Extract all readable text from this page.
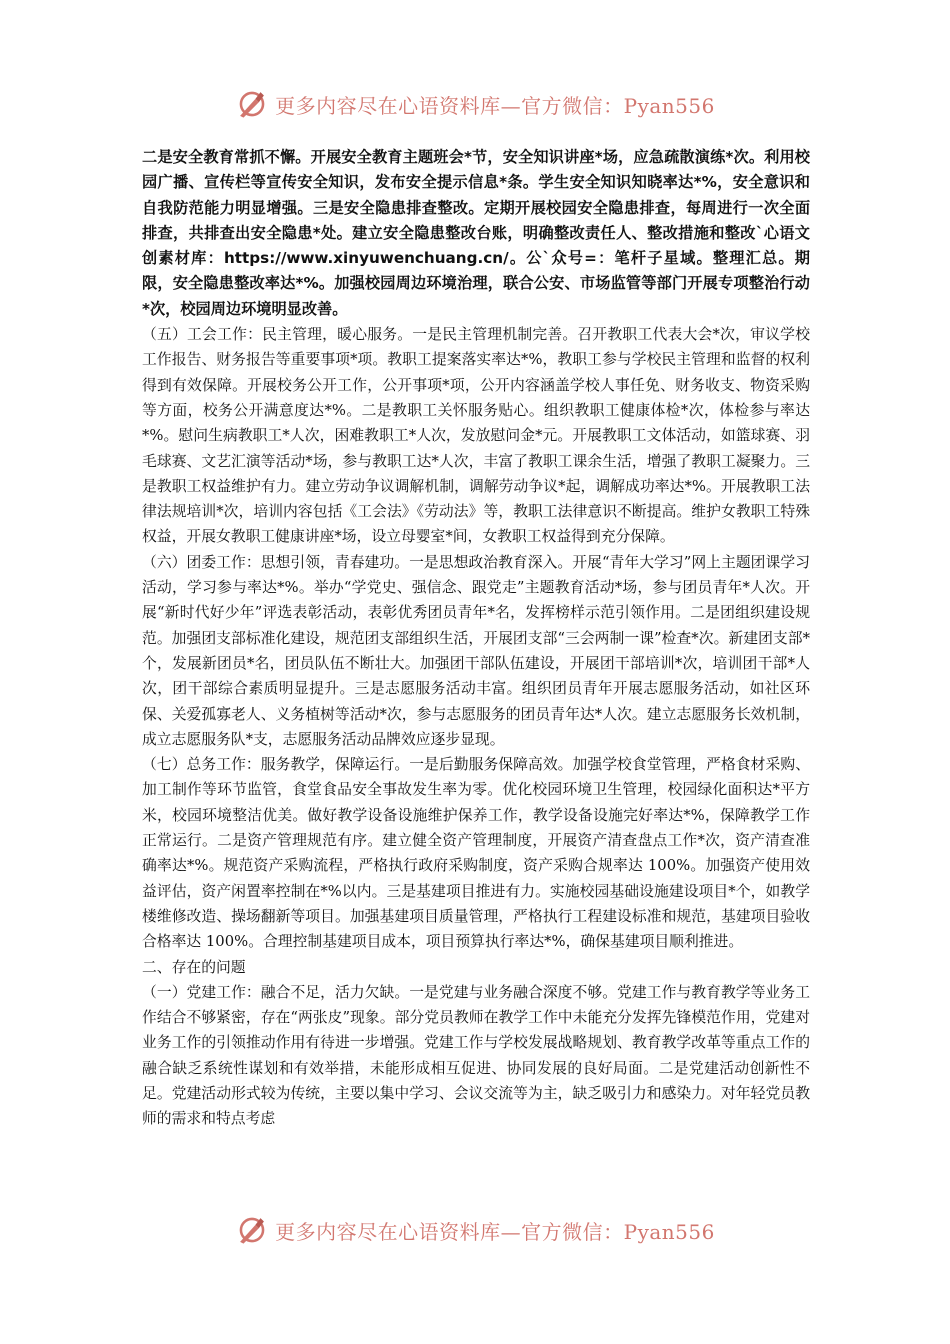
更多内容尽在心语资料库—官方微信：Pyan556

二是安全教育常抓不懈。开展安全教育主题班会*节，安全知识讲座*场，应急疏散演练*次。利用校园广播、宣传栏等宣传安全知识，发布安全提示信息*条。学生安全知识知晓率达*%，安全意识和自我防范能力明显增强。三是安全隐患排查整改。定期开展校园安全隐患排查，每周进行一次全面排查，共排查出安全隐患*处。建立安全隐患整改台账，明确整改责任人、整改措施和整改`心语文创素材库：https://www.xinyuwenchuang.cn/。公`众号=：笔杆子星域。整理汇总。期限，安全隐患整改率达*%。加强校园周边环境治理，联合公安、市场监管等部门开展专项整治行动*次，校园周边环境明显改善。

（五）工会工作：民主管理，暖心服务。一是民主管理机制完善。召开教职工代表大会*次，审议学校工作报告、财务报告等重要事项*项。教职工提案落实率达*%，教职工参与学校民主管理和监督的权利得到有效保障。开展校务公开工作，公开事项*项，公开内容涵盖学校人事任免、财务收支、物资采购等方面，校务公开满意度达*%。二是教职工关怀服务贴心。组织教职工健康体检*次，体检参与率达*%。慰问生病教职工*人次，困难教职工*人次，发放慰问金*元。开展教职工文体活动，如篮球赛、羽毛球赛、文艺汇演等活动*场，参与教职工达*人次，丰富了教职工课余生活，增强了教职工凝聚力。三是教职工权益维护有力。建立劳动争议调解机制，调解劳动争议*起，调解成功率达*%。开展教职工法律法规培训*次，培训内容包括《工会法》《劳动法》等，教职工法律意识不断提高。维护女教职工特殊权益，开展女教职工健康讲座*场，设立母婴室*间，女教职工权益得到充分保障。

（六）团委工作：思想引领，青春建功。一是思想政治教育深入。开展“青年大学习”网上主题团课学习活动，学习参与率达*%。举办“学党史、强信念、跟党走”主题教育活动*场，参与团员青年*人次。开展“新时代好少年”评选表彰活动，表彰优秀团员青年*名，发挥榜样示范引领作用。二是团组织建设规范。加强团支部标准化建设，规范团支部组织生活，开展团支部“三会两制一课”检查*次。新建团支部*个，发展新团员*名，团员队伍不断壮大。加强团干部队伍建设，开展团干部培训*次，培训团干部*人次，团干部综合素质明显提升。三是志愿服务活动丰富。组织团员青年开展志愿服务活动，如社区环保、关爱孤寡老人、义务植树等活动*次，参与志愿服务的团员青年达*人次。建立志愿服务长效机制，成立志愿服务队*支，志愿服务活动品牌效应逐步显现。

（七）总务工作：服务教学，保障运行。一是后勤服务保障高效。加强学校食堂管理，严格食材采购、加工制作等环节监管，食堂食品安全事故发生率为零。优化校园环境卫生管理，校园绿化面积达*平方米，校园环境整洁优美。做好教学设备设施维护保养工作，教学设备设施完好率达*%，保障教学工作正常运行。二是资产管理规范有序。建立健全资产管理制度，开展资产清查盘点工作*次，资产清查准确率达*%。规范资产采购流程，严格执行政府采购制度，资产采购合规率达 100%。加强资产使用效益评估，资产闲置率控制在*%以内。三是基建项目推进有力。实施校园基础设施建设项目*个，如教学楼维修改造、操场翻新等项目。加强基建项目质量管理，严格执行工程建设标准和规范，基建项目验收合格率达 100%。合理控制基建项目成本，项目预算执行率达*%，确保基建项目顺利推进。

二、存在的问题

（一）党建工作：融合不足，活力欠缺。一是党建与业务融合深度不够。党建工作与教育教学等业务工作结合不够紧密，存在“两张皮”现象。部分党员教师在教学工作中未能充分发挥先锋模范作用，党建对业务工作的引领推动作用有待进一步增强。党建工作与学校发展战略规划、教育教学改革等重点工作的融合缺乏系统性谋划和有效举措，未能形成相互促进、协同发展的良好局面。二是党建活动创新性不足。党建活动形式较为传统，主要以集中学习、会议交流等为主，缺乏吸引力和感染力。对年轻党员教师的需求和特点考虑

更多内容尽在心语资料库—官方微信：Pyan556
